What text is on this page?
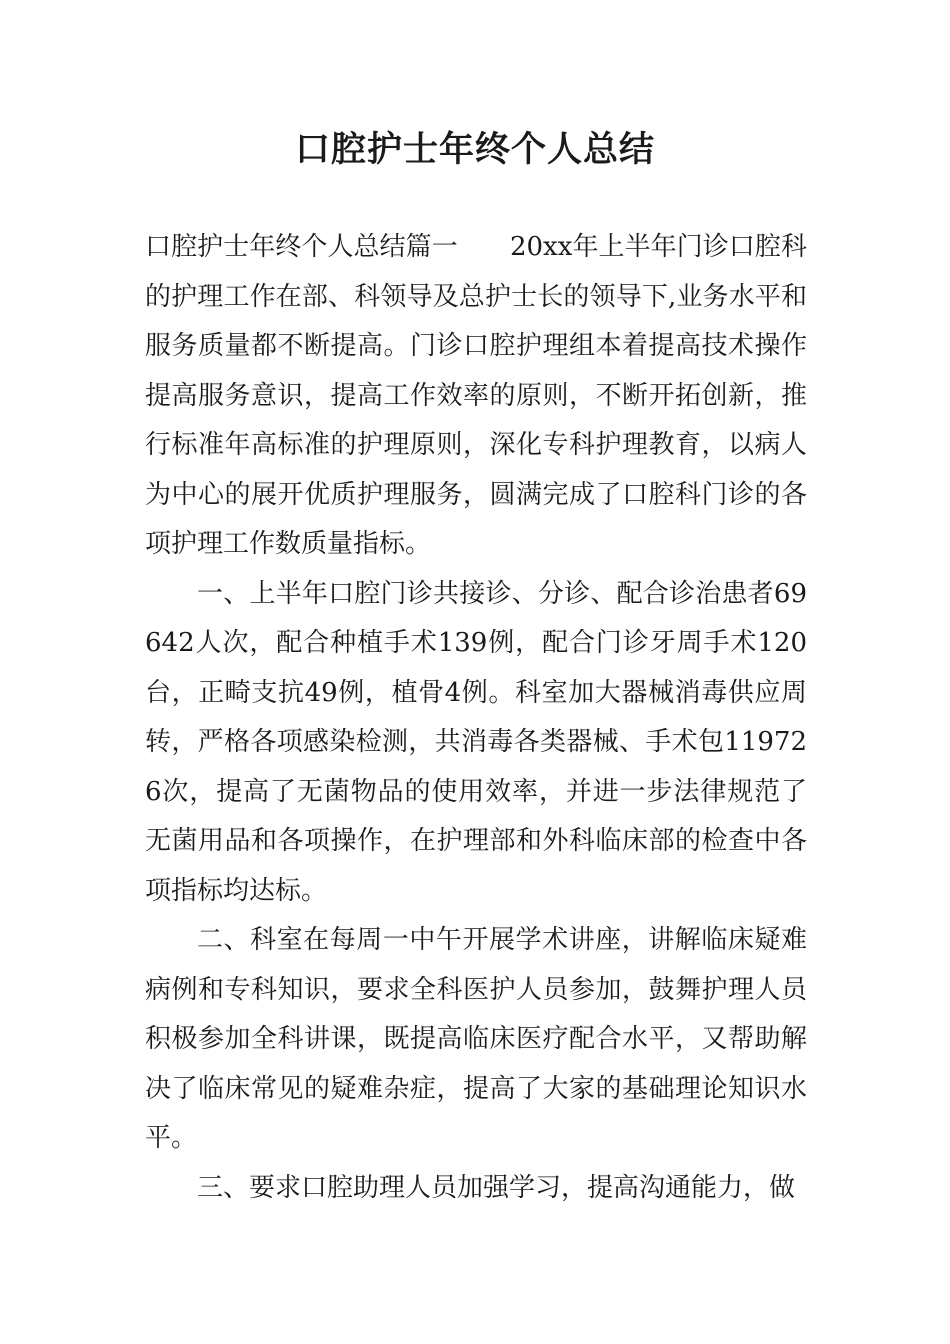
口腔护士年终个人总结

口腔护士年终个人总结篇一　　20xx年上半年门诊口腔科的护理工作在部、科领导及总护士长的领导下,业务水平和服务质量都不断提高。门诊口腔护理组本着提高技术操作提高服务意识，提高工作效率的原则，不断开拓创新，推行标准年高标准的护理原则，深化专科护理教育，以病人为中心的展开优质护理服务，圆满完成了口腔科门诊的各项护理工作数质量指标。

一、上半年口腔门诊共接诊、分诊、配合诊治患者69642人次，配合种植手术139例，配合门诊牙周手术120台，正畸支抗49例，植骨4例。科室加大器械消毒供应周转，严格各项感染检测，共消毒各类器械、手术包119726次，提高了无菌物品的使用效率，并进一步法律规范了无菌用品和各项操作，在护理部和外科临床部的检查中各项指标均达标。

二、科室在每周一中午开展学术讲座，讲解临床疑难病例和专科知识，要求全科医护人员参加，鼓舞护理人员积极参加全科讲课，既提高临床医疗配合水平，又帮助解决了临床常见的疑难杂症，提高了大家的基础理论知识水平。

三、要求口腔助理人员加强学习，提高沟通能力，做
